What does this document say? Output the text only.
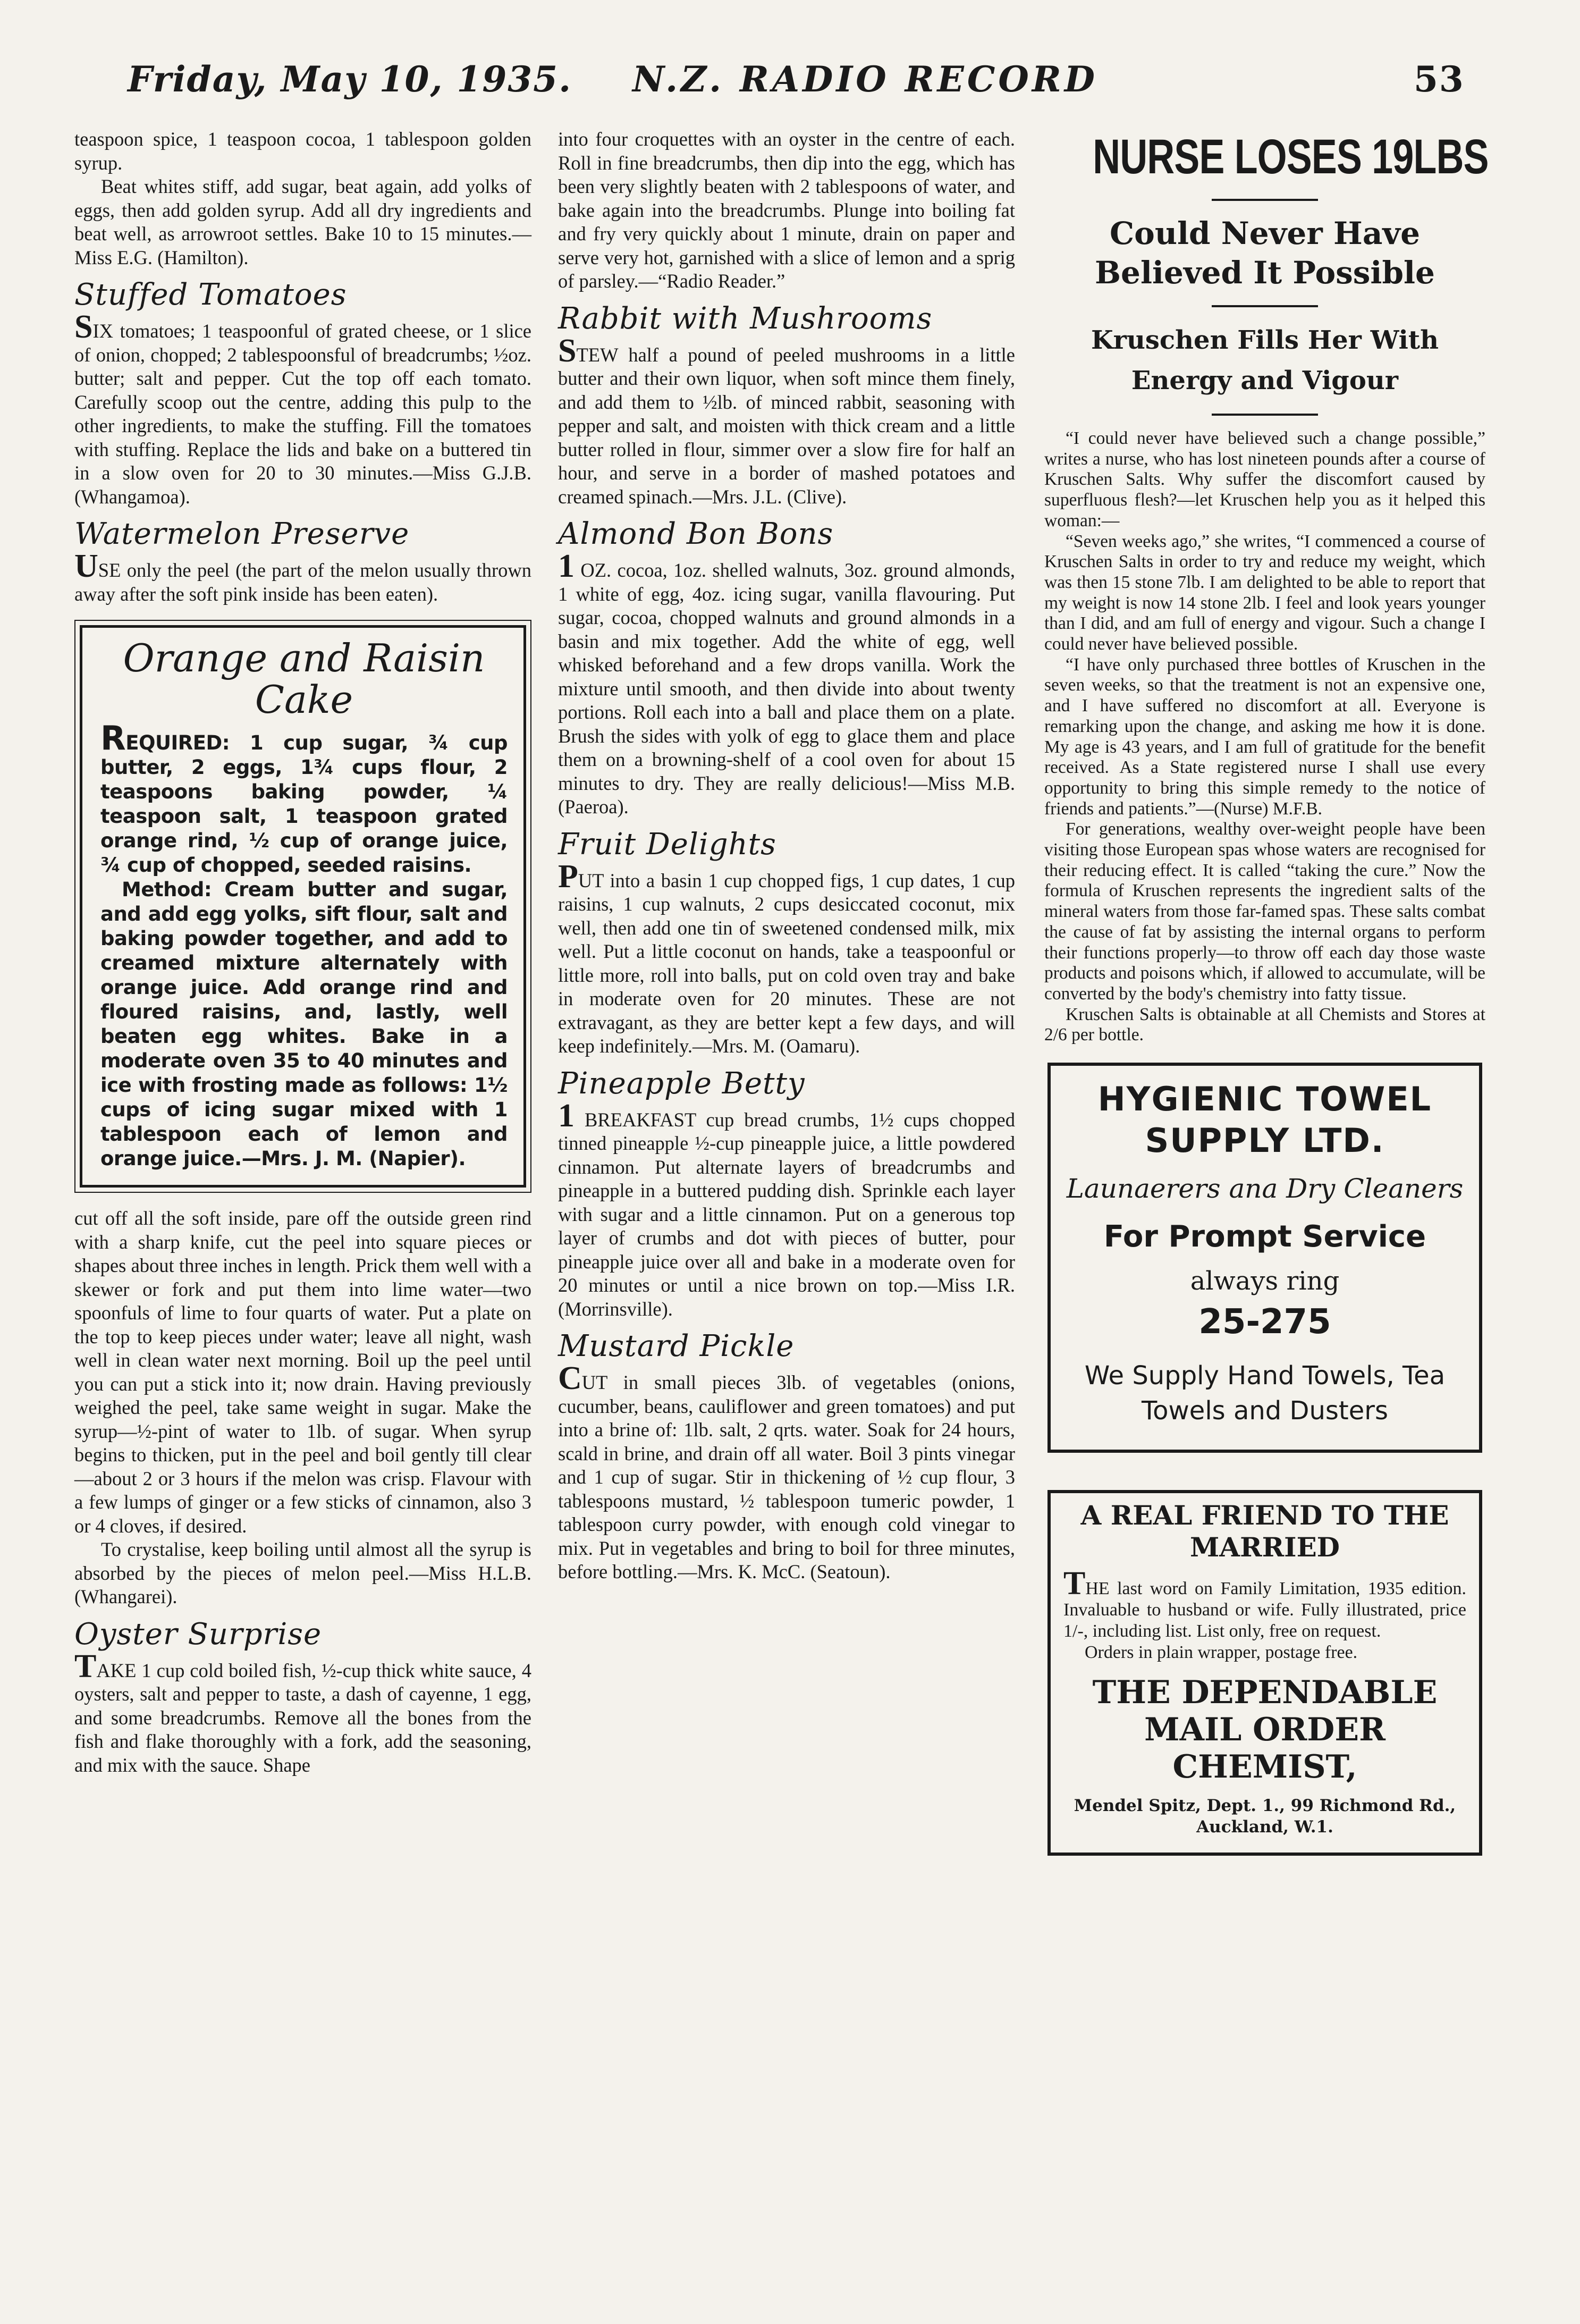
Friday, May 10, 1935. N.Z. RADIO RECORD	53

teaspoon spice, 1 teaspoon cocoa, 1 tablespoon golden syrup.

Beat whites stiff, add sugar, beat again, add yolks of eggs, then add golden syrup. Add all dry ingredients and beat well, as arrowroot settles. Bake 10 to 15 minutes.—Miss E.G. (Hamilton).

Stuffed Tomatoes

SIX tomatoes; 1 teaspoonful of grated cheese, or 1 slice of onion, chopped; 2 tablespoonsful of breadcrumbs; ½oz. butter; salt and pepper. Cut the top off each tomato. Carefully scoop out the centre, adding this pulp to the other ingredients, to make the stuffing. Fill the tomatoes with stuffing. Replace the lids and bake on a buttered tin in a slow oven for 20 to 30 minutes.—Miss G.J.B. (Whangamoa).

Watermelon Preserve

USE only the peel (the part of the melon usually thrown away after the soft pink inside has been eaten).

Orange and Raisin Cake

REQUIRED: 1 cup sugar, ¾ cup butter, 2 eggs, 1¾ cups flour, 2 teaspoons baking powder, ¼ teaspoon salt, 1 teaspoon grated orange rind, ½ cup of orange juice, ¾ cup of chopped, seeded raisins.

Method: Cream butter and sugar, and add egg yolks, sift flour, salt and baking powder together, and add to creamed mixture alternately with orange juice. Add orange rind and floured raisins, and, lastly, well beaten egg whites. Bake in a moderate oven 35 to 40 minutes and ice with frosting made as follows: 1½ cups of icing sugar mixed with 1 tablespoon each of lemon and orange juice.—Mrs. J. M. (Napier).

cut off all the soft inside, pare off the outside green rind with a sharp knife, cut the peel into square pieces or shapes about three inches in length. Prick them well with a skewer or fork and put them into lime water—two spoonfuls of lime to four quarts of water. Put a plate on the top to keep pieces under water; leave all night, wash well in clean water next morning. Boil up the peel until you can put a stick into it; now drain. Having previously weighed the peel, take same weight in sugar. Make the syrup—½-pint of water to 1lb. of sugar. When syrup begins to thicken, put in the peel and boil gently till clear—about 2 or 3 hours if the melon was crisp. Flavour with a few lumps of ginger or a few sticks of cinnamon, also 3 or 4 cloves, if desired.

To crystalise, keep boiling until almost all the syrup is absorbed by the pieces of melon peel.—Miss H.L.B. (Whangarei).

Oyster Surprise

TAKE 1 cup cold boiled fish, ½-cup thick white sauce, 4 oysters, salt and pepper to taste, a dash of cayenne, 1 egg, and some breadcrumbs. Remove all the bones from the fish and flake thoroughly with a fork, add the seasoning, and mix with the sauce. Shape

into four croquettes with an oyster in the centre of each. Roll in fine breadcrumbs, then dip into the egg, which has been very slightly beaten with 2 tablespoons of water, and bake again into the breadcrumbs. Plunge into boiling fat and fry very quickly about 1 minute, drain on paper and serve very hot, garnished with a slice of lemon and a sprig of parsley.—“Radio Reader.”

Rabbit with Mushrooms

STEW half a pound of peeled mushrooms in a little butter and their own liquor, when soft mince them finely, and add them to ½lb. of minced rabbit, seasoning with pepper and salt, and moisten with thick cream and a little butter rolled in flour, simmer over a slow fire for half an hour, and serve in a border of mashed potatoes and creamed spinach.—Mrs. J.L. (Clive).

Almond Bon Bons

1 OZ. cocoa, 1oz. shelled walnuts, 3oz. ground almonds, 1 white of egg, 4oz. icing sugar, vanilla flavouring. Put sugar, cocoa, chopped walnuts and ground almonds in a basin and mix together. Add the white of egg, well whisked beforehand and a few drops vanilla. Work the mixture until smooth, and then divide into about twenty portions. Roll each into a ball and place them on a plate. Brush the sides with yolk of egg to glace them and place them on a browning-shelf of a cool oven for about 15 minutes to dry. They are really delicious!—Miss M.B. (Paeroa).

Fruit Delights

PUT into a basin 1 cup chopped figs, 1 cup dates, 1 cup raisins, 1 cup walnuts, 2 cups desiccated coconut, mix well, then add one tin of sweetened condensed milk, mix well. Put a little coconut on hands, take a teaspoonful or little more, roll into balls, put on cold oven tray and bake in moderate oven for 20 minutes. These are not extravagant, as they are better kept a few days, and will keep indefinitely.—Mrs. M. (Oamaru).

Pineapple Betty

1 BREAKFAST cup bread crumbs, 1½ cups chopped tinned pineapple ½-cup pineapple juice, a little powdered cinnamon. Put alternate layers of breadcrumbs and pineapple in a buttered pudding dish. Sprinkle each layer with sugar and a little cinnamon. Put on a generous top layer of crumbs and dot with pieces of butter, pour pineapple juice over all and bake in a moderate oven for 20 minutes or until a nice brown on top.—Miss I.R. (Morrinsville).

Mustard Pickle

CUT in small pieces 3lb. of vegetables (onions, cucumber, beans, cauliflower and green tomatoes) and put into a brine of: 1lb. salt, 2 qrts. water. Soak for 24 hours, scald in brine, and drain off all water. Boil 3 pints vinegar and 1 cup of sugar. Stir in thickening of ½ cup flour, 3 tablespoons mustard, ½ tablespoon tumeric powder, 1 tablespoon curry powder, with enough cold vinegar to mix. Put in vegetables and bring to boil for three minutes, before bottling.—Mrs. K. McC. (Seatoun).

NURSE LOSES 19LBS
Could Never Have Believed It Possible
Kruschen Fills Her With Energy and Vigour

“I could never have believed such a change possible,” writes a nurse, who has lost nineteen pounds after a course of Kruschen Salts. Why suffer the discomfort caused by superfluous flesh?—let Kruschen help you as it helped this woman:—

“Seven weeks ago,” she writes, “I commenced a course of Kruschen Salts in order to try and reduce my weight, which was then 15 stone 7lb. I am delighted to be able to report that my weight is now 14 stone 2lb. I feel and look years younger than I did, and am full of energy and vigour. Such a change I could never have believed possible.

“I have only purchased three bottles of Kruschen in the seven weeks, so that the treatment is not an expensive one, and I have suffered no discomfort at all. Everyone is remarking upon the change, and asking me how it is done. My age is 43 years, and I am full of gratitude for the benefit received. As a State registered nurse I shall use every opportunity to bring this simple remedy to the notice of friends and patients.”—(Nurse) M.F.B.

For generations, wealthy over-weight people have been visiting those European spas whose waters are recognised for their reducing effect. It is called “taking the cure.” Now the formula of Kruschen represents the ingredient salts of the mineral waters from those far-famed spas. These salts combat the cause of fat by assisting the internal organs to perform their functions properly—to throw off each day those waste products and poisons which, if allowed to accumulate, will be converted by the body's chemistry into fatty tissue.

Kruschen Salts is obtainable at all Chemists and Stores at 2/6 per bottle.

HYGIENIC TOWEL SUPPLY LTD.
Launaerers ana Dry Cleaners
For Prompt Service
always ring
25-275
We Supply Hand Towels, Tea Towels and Dusters
A REAL FRIEND TO THE MARRIED

THE last word on Family Limitation, 1935 edition. Invaluable to husband or wife. Fully illustrated, price 1/-, including list. List only, free on request.

Orders in plain wrapper, postage free.

THE DEPENDABLE MAIL ORDER CHEMIST,
Mendel Spitz, Dept. 1., 99 Richmond Rd., Auckland, W.1.
